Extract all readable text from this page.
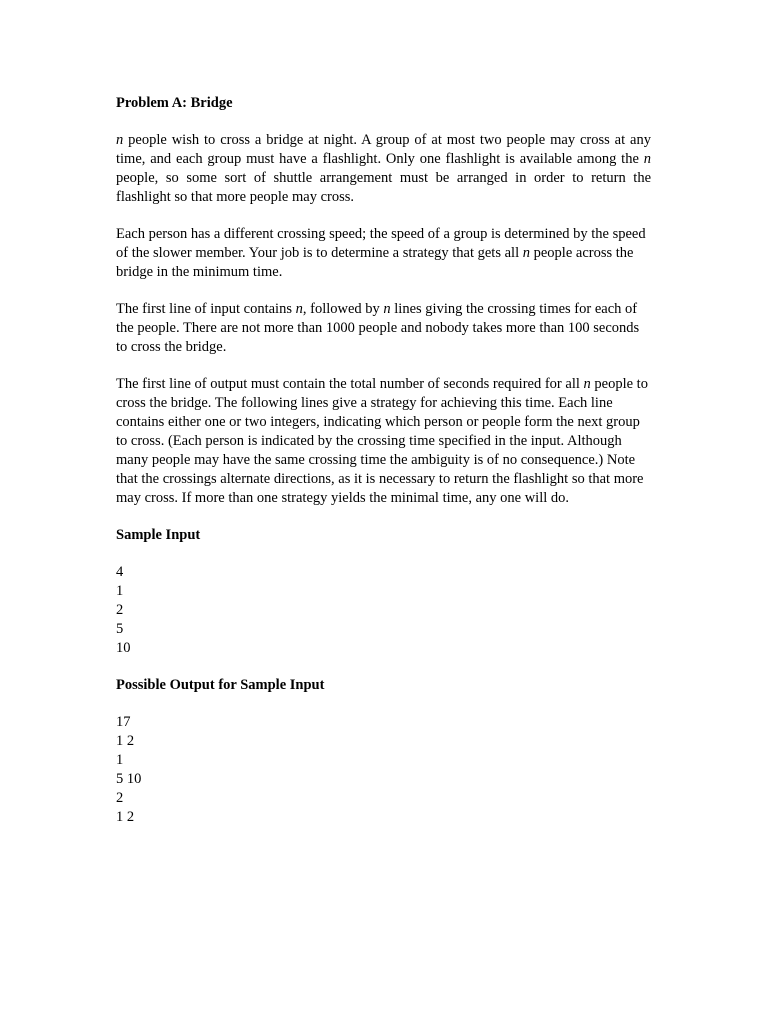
Problem A: Bridge

n people wish to cross a bridge at night. A group of at most two people may cross at any time, and each group must have a flashlight. Only one flashlight is available among the n people, so some sort of shuttle arrangement must be arranged in order to return the flashlight so that more people may cross.

Each person has a different crossing speed; the speed of a group is determined by the speed of the slower member. Your job is to determine a strategy that gets all n people across the bridge in the minimum time.

The first line of input contains n, followed by n lines giving the crossing times for each of the people. There are not more than 1000 people and nobody takes more than 100 seconds to cross the bridge.

The first line of output must contain the total number of seconds required for all n people to cross the bridge. The following lines give a strategy for achieving this time. Each line contains either one or two integers, indicating which person or people form the next group to cross. (Each person is indicated by the crossing time specified in the input. Although many people may have the same crossing time the ambiguity is of no consequence.) Note that the crossings alternate directions, as it is necessary to return the flashlight so that more may cross. If more than one strategy yields the minimal time, any one will do.

Sample Input
4
1
2
5
10
Possible Output for Sample Input
17
1 2
1
5 10
2
1 2
